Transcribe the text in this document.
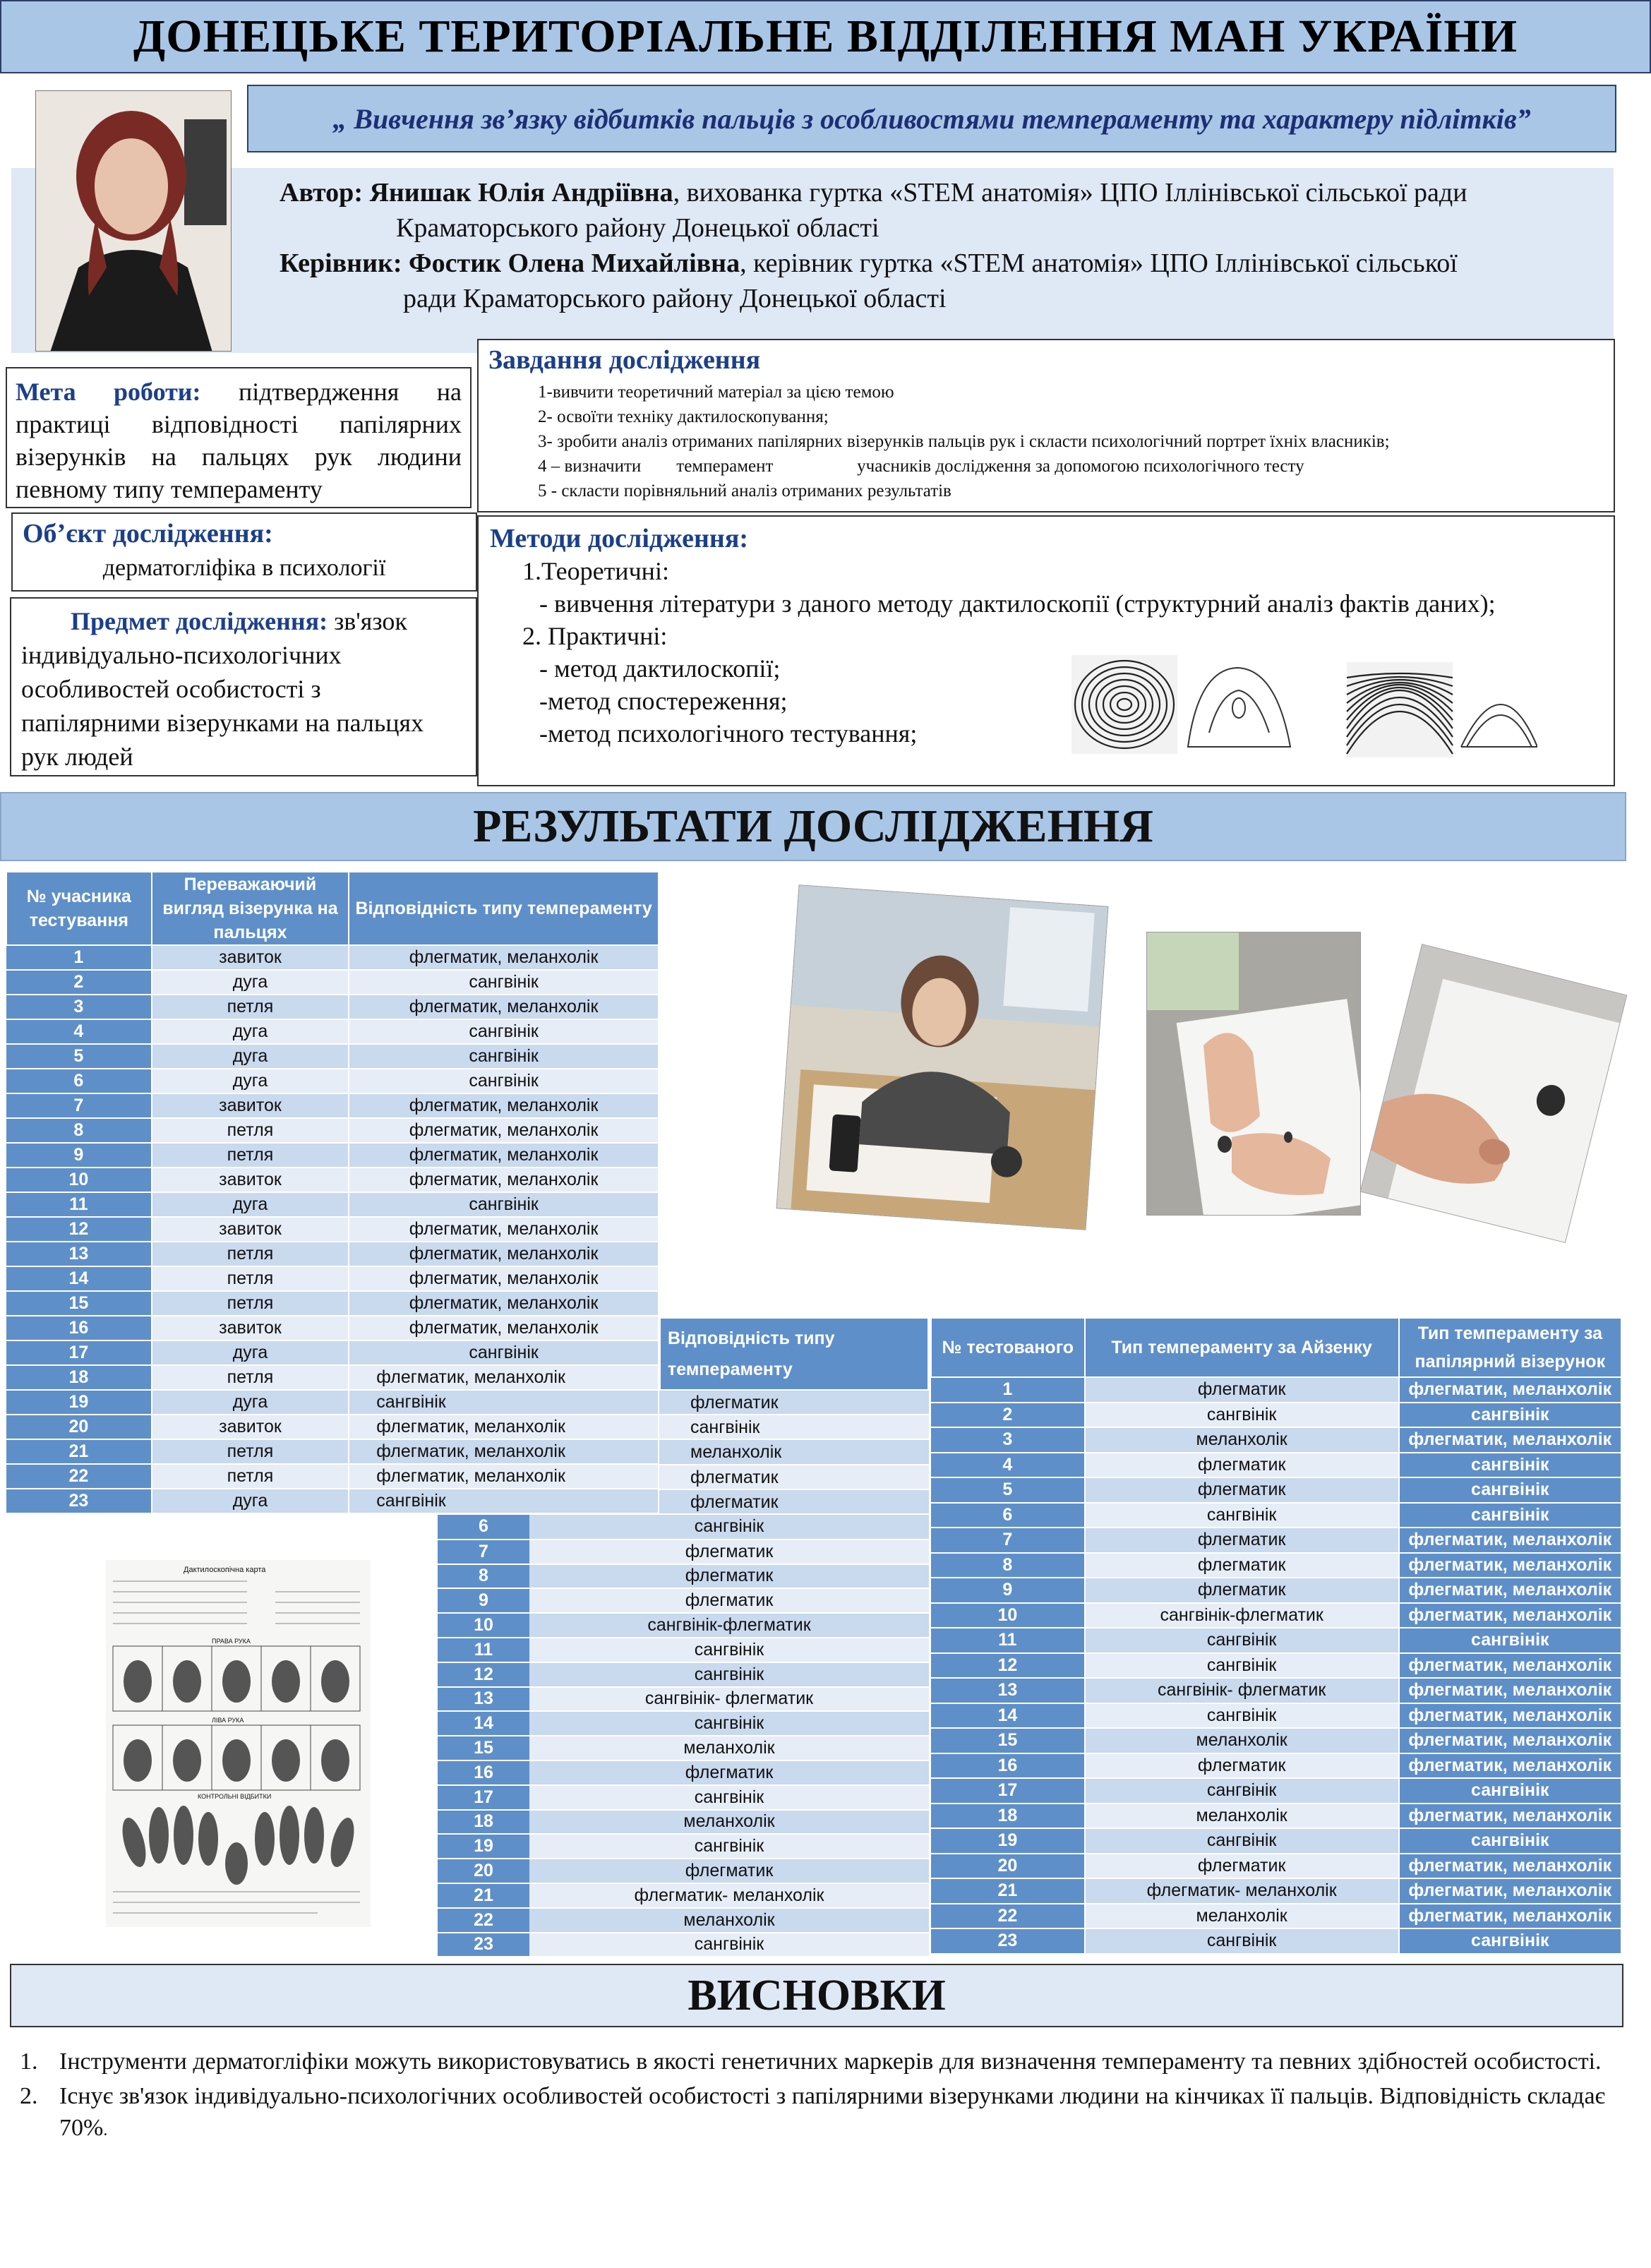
ДОНЕЦЬКЕ ТЕРИТОРІАЛЬНЕ ВІДДІЛЕННЯ МАН УКРАЇНИ
Автор: Янишак Юлія Андріївна, вихованка гуртка «STEM анатомія» ЦПО Іллінівської сільської ради
Краматорського району Донецької області
Керівник: Фостик Олена Михайлівна, керівник гуртка «STEM анатомія» ЦПО Іллінівської сільської
ради Краматорського району Донецької області
„ Вивчення зв’язку відбитків пальців з особливостями темпераменту та характеру підлітків”
Мета роботи: підтвердження на практиці відповідності папілярних візерунків на пальцях рук людини певному типу темпераменту
Завдання дослідження
1-вивчити теоретичний матеріал за цією темою
2- освоїти техніку дактилоскопування;
3- зробити аналіз отриманих папілярних візерунків пальців рук і скласти психологічний портрет їхніх власників;
4 – визначити        темперамент                   учасників дослідження за допомогою психологічного тесту
5 - скласти порівняльний аналіз отриманих результатів
Об’єкт дослідження:

дерматогліфіка в психології

Предмет дослідження: зв'язок індивідуально-психологічних особливостей особистості з папілярними візерунками на пальцях рук людей
Методи дослідження:
1.Теоретичні:
- вивчення літератури з даного методу дактилоскопії (структурний аналіз фактів даних);
2. Практичні:
- метод дактилоскопії;
-метод спостереження;
-метод психологічного тестування;
РЕЗУЛЬТАТИ ДОСЛІДЖЕННЯ
№ учасника тестування	Переважаючий вигляд візерунка на пальцях	Відповідність типу темпераменту
1	завиток	флегматик, меланхолік
2	дуга	сангвінік
3	петля	флегматик, меланхолік
4	дуга	сангвінік
5	дуга	сангвінік
6	дуга	сангвінік
7	завиток	флегматик, меланхолік
8	петля	флегматик, меланхолік
9	петля	флегматик, меланхолік
10	завиток	флегматик, меланхолік
11	дуга	сангвінік
12	завиток	флегматик, меланхолік
13	петля	флегматик, меланхолік
14	петля	флегматик, меланхолік
15	петля	флегматик, меланхолік
16	завиток	флегматик, меланхолік
17	дуга	сангвінік
18	петля	флегматик, меланхолік
19	дуга	сангвінік
20	завиток	флегматик, меланхолік
21	петля	флегматик, меланхолік
22	петля	флегматик, меланхолік
23	дуга	сангвінік
Відповідність типу темпераменту
флегматик
сангвінік
меланхолік
флегматик
флегматик
6	сангвінік
7	флегматик
8	флегматик
9	флегматик
10	сангвінік-флегматик
11	сангвінік
12	сангвінік
13	сангвінік- флегматик
14	сангвінік
15	меланхолік
16	флегматик
17	сангвінік
18	меланхолік
19	сангвінік
20	флегматик
21	флегматик- меланхолік
22	меланхолік
23	сангвінік
№ тестованого	Тип темпераменту за Айзенку	Тип темпераменту за папілярний візерунок
1	флегматик	флегматик, меланхолік
2	сангвінік	сангвінік
3	меланхолік	флегматик, меланхолік
4	флегматик	сангвінік
5	флегматик	сангвінік
6	сангвінік	сангвінік
7	флегматик	флегматик, меланхолік
8	флегматик	флегматик, меланхолік
9	флегматик	флегматик, меланхолік
10	сангвінік-флегматик	флегматик, меланхолік
11	сангвінік	сангвінік
12	сангвінік	флегматик, меланхолік
13	сангвінік- флегматик	флегматик, меланхолік
14	сангвінік	флегматик, меланхолік
15	меланхолік	флегматик, меланхолік
16	флегматик	флегматик, меланхолік
17	сангвінік	сангвінік
18	меланхолік	флегматик, меланхолік
19	сангвінік	сангвінік
20	флегматик	флегматик, меланхолік
21	флегматик- меланхолік	флегматик, меланхолік
22	меланхолік	флегматик, меланхолік
23	сангвінік	сангвінік
Дактилоскопічна карта
ПРАВА РУКА
ЛІВА РУКА
КОНТРОЛЬНІ ВІДБИТКИ
ВИСНОВКИ
1. Інструменти дерматогліфіки можуть використовуватись в якості генетичних маркерів для визначення темпераменту та певних здібностей особистості.
2. Існує зв'язок індивідуально-психологічних особливостей особистості з папілярними візерунками людини на кінчиках її пальців. Відповідність складає 70%.
